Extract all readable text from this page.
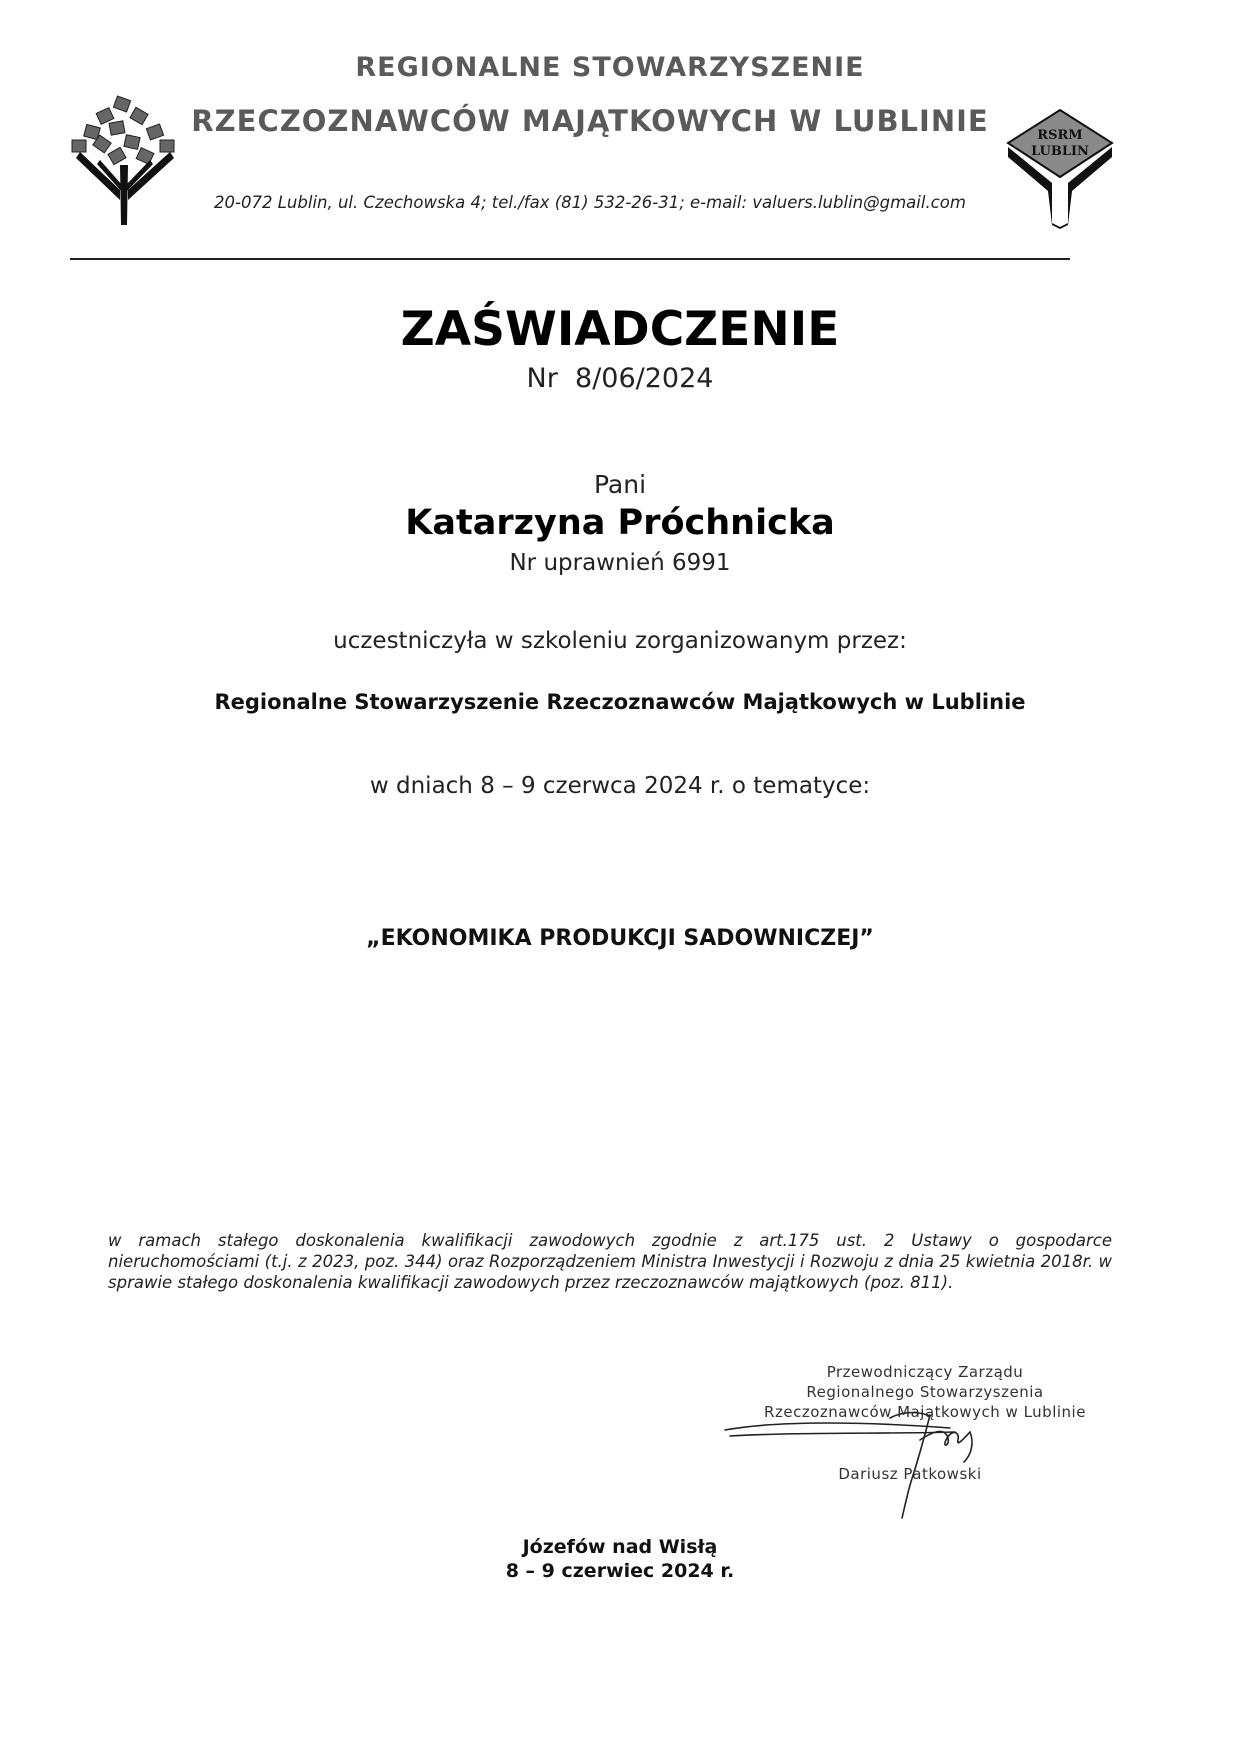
RSRM
LUBLIN
REGIONALNE STOWARZYSZENIE
RZECZOZNAWCÓW MAJĄTKOWYCH W LUBLINIE
20-072 Lublin, ul. Czechowska 4; tel./fax (81) 532-26-31; e-mail: valuers.lublin@gmail.com
ZAŚWIADCZENIE
Nr  8/06/2024
Pani
Katarzyna Próchnicka
Nr uprawnień 6991
uczestniczyła w szkoleniu zorganizowanym przez:
Regionalne Stowarzyszenie Rzeczoznawców Majątkowych w Lublinie
w dniach 8 – 9 czerwca 2024 r. o tematyce:
„EKONOMIKA PRODUKCJI SADOWNICZEJ”
w ramach stałego doskonalenia kwalifikacji zawodowych zgodnie z art.175 ust. 2 Ustawy o gospodarce nieruchomościami (t.j. z 2023, poz. 344) oraz Rozporządzeniem Ministra Inwestycji i Rozwoju z dnia 25 kwietnia 2018r. w sprawie stałego doskonalenia kwalifikacji zawodowych przez rzeczoznawców majątkowych (poz. 811).
Przewodniczący Zarządu
Regionalnego Stowarzyszenia
Rzeczoznawców Majątkowych w Lublinie
Dariusz Patkowski
Józefów nad Wisłą
8 – 9 czerwiec 2024 r.
